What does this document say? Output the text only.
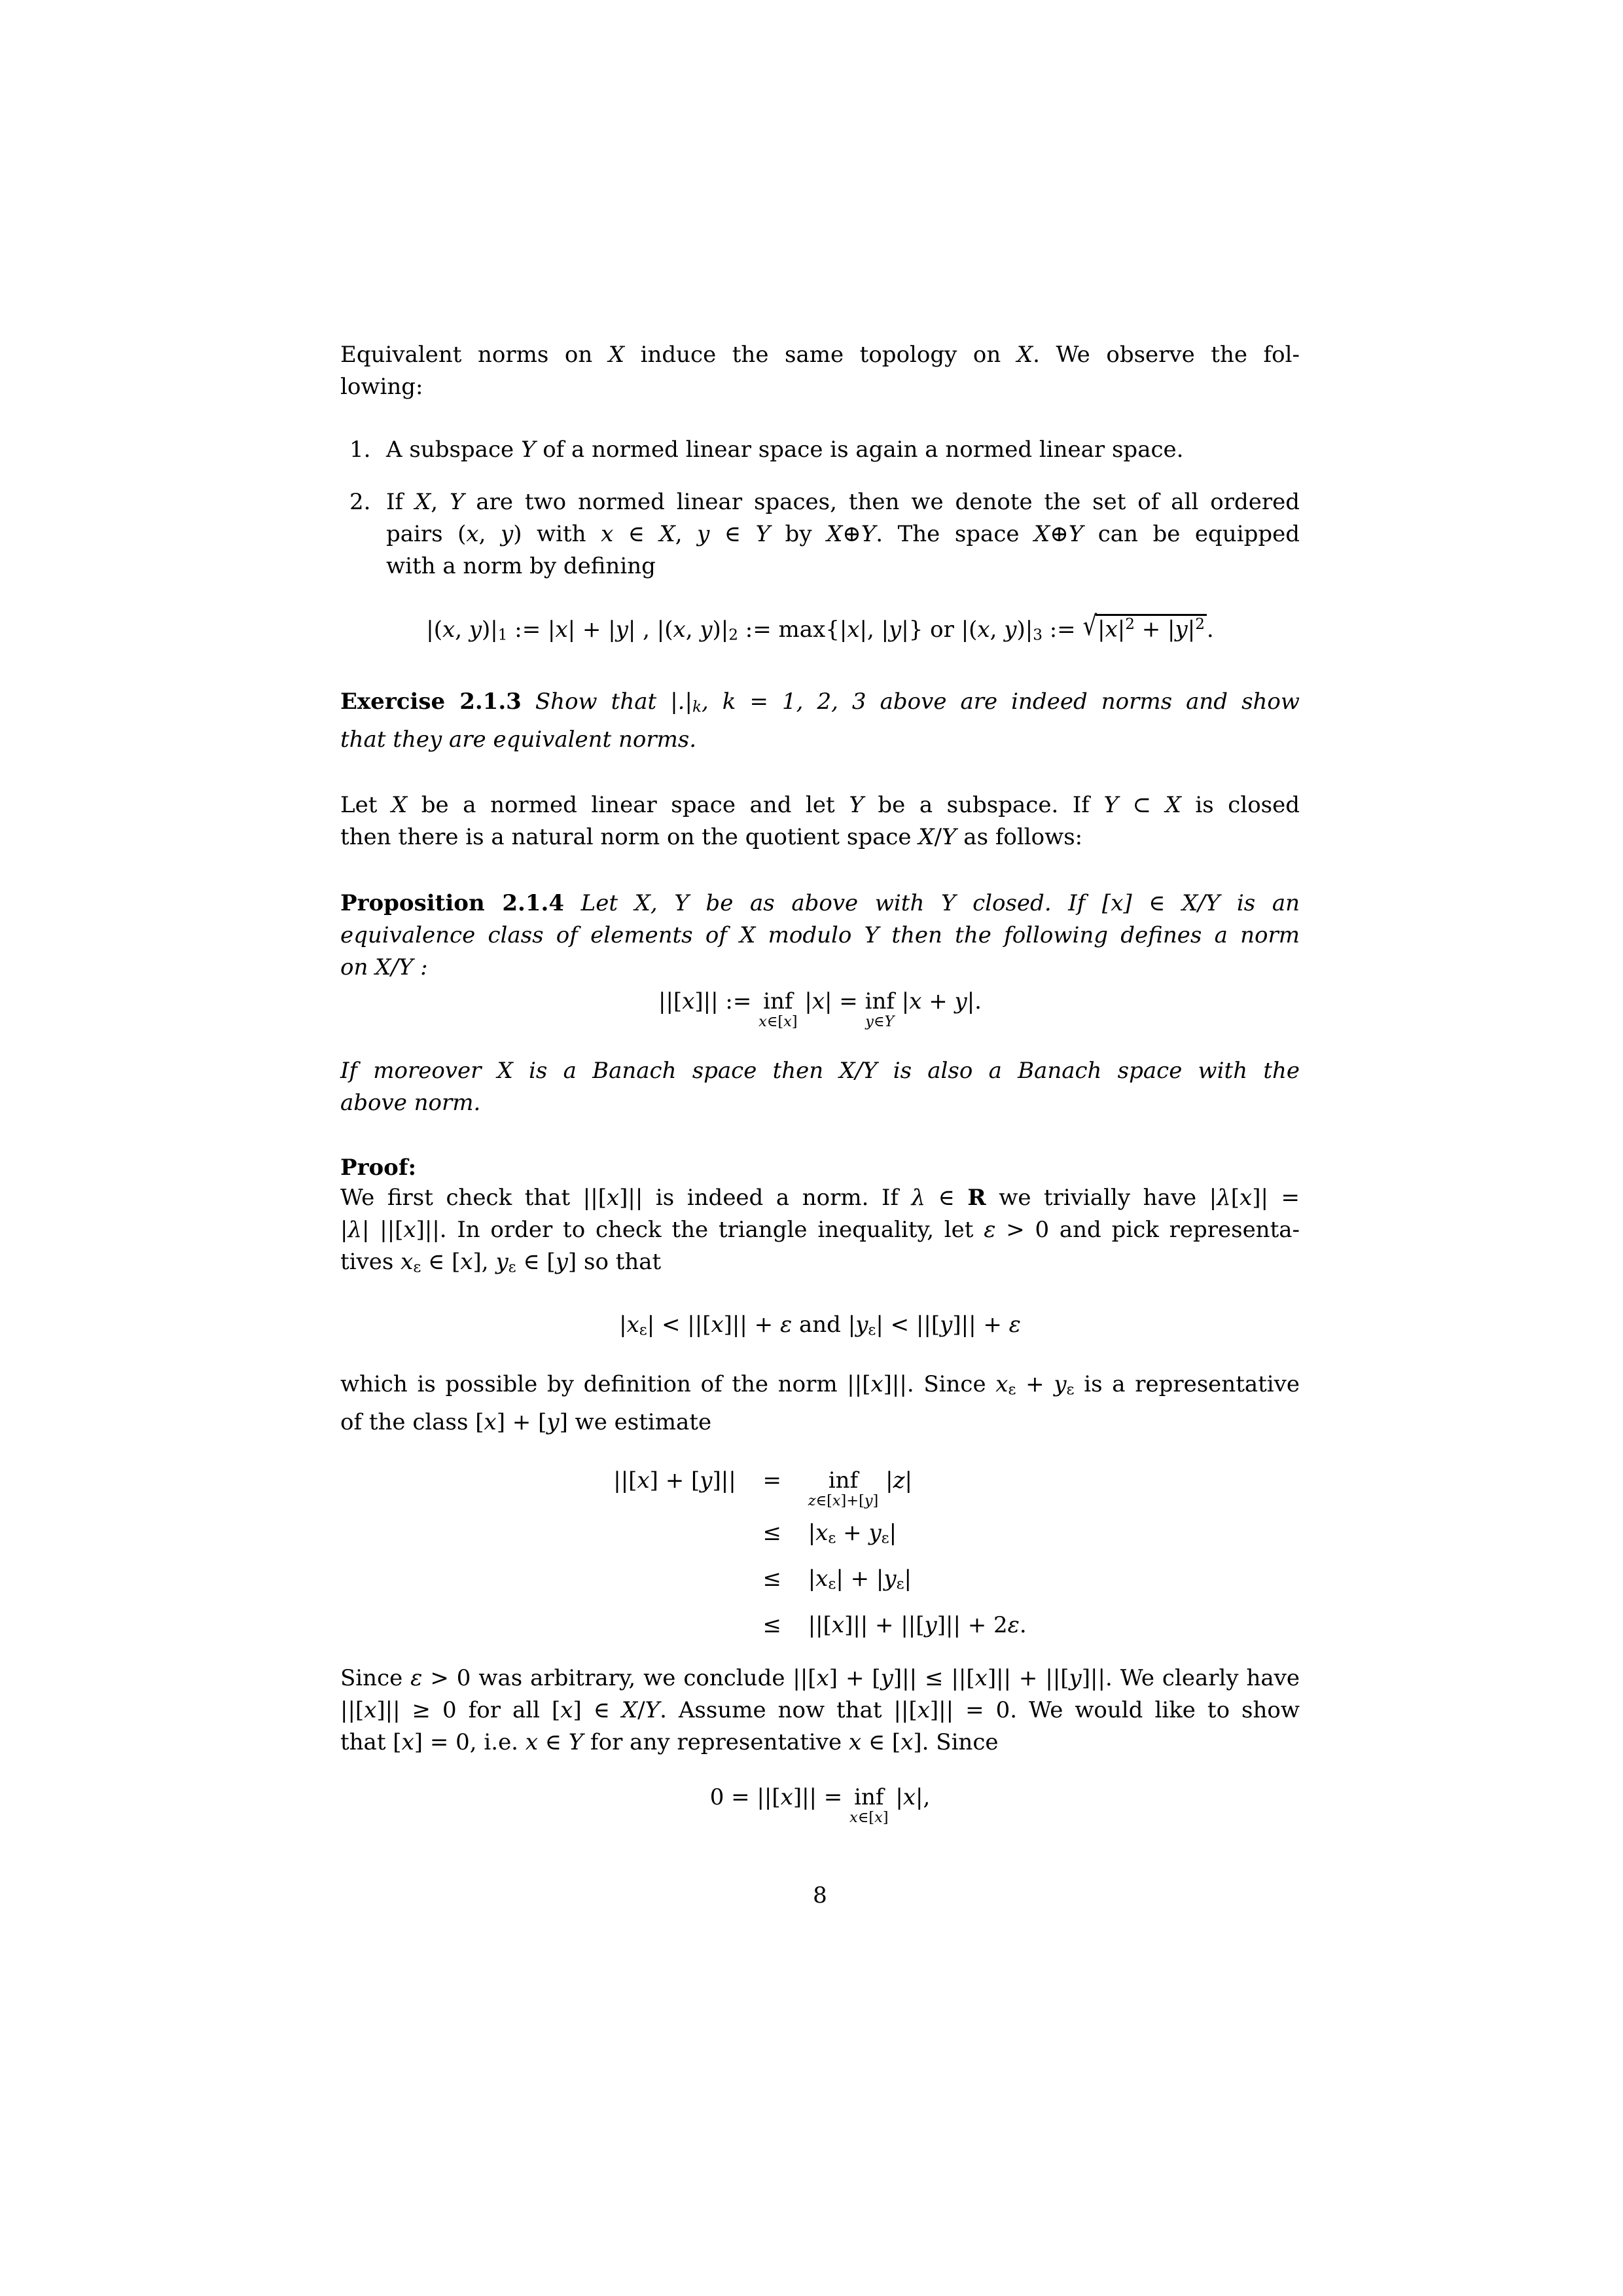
Equivalent norms on X induce the same topology on X. We observe the fol-
lowing:
1. A subspace Y of a normed linear space is again a normed linear space.
2. If X, Y are two normed linear spaces, then we denote the set of all ordered
pairs (x, y) with x ∈ X, y ∈ Y by X⊕Y. The space X⊕Y can be equipped
with a norm by defining
|(x, y)|1 := |x| + |y| , |(x, y)|2 := max{|x|, |y|} or |(x, y)|3 := $√|x|^2 + |y|^2$.
Exercise 2.1.3 Show that |.|k, k = 1, 2, 3 above are indeed norms and show
that they are equivalent norms.
Let X be a normed linear space and let Y be a subspace. If Y ⊂ X is closed
then there is a natural norm on the quotient space X/Y as follows:
Proposition 2.1.4 Let X, Y be as above with Y closed. If [x] ∈ X/Y is an
equivalence class of elements of X modulo Y then the following defines a norm
on X/Y :
||[x]|| := inf
x∈[x]
|x| = inf
y∈Y
|x + y|.
If moreover X is a Banach space then X/Y is also a Banach space with the
above norm.
Proof:
We first check that ||[x]|| is indeed a norm. If λ ∈ R we trivially have |λ[x]| =
|λ| ||[x]||. In order to check the triangle inequality, let ε > 0 and pick representa-
tives xε ∈ [x], yε ∈ [y] so that
|xε| < ||[x]|| + ε and |yε| < ||[y]|| + ε
which is possible by definition of the norm ||[x]||. Since xε + yε is a representative
of the class [x] + [y] we estimate
||[x] + [y]||	=	inf
z∈[x]+[y]
|z|
≤	|xε + yε|
≤	|xε| + |yε|
≤	||[x]|| + ||[y]|| + 2ε.
Since ε > 0 was arbitrary, we conclude ||[x] + [y]|| ≤ ||[x]|| + ||[y]||. We clearly have
||[x]|| ≥ 0 for all [x] ∈ X/Y. Assume now that ||[x]|| = 0. We would like to show
that [x] = 0, i.e. x ∈ Y for any representative x ∈ [x]. Since
0 = ||[x]|| = inf
x∈[x]
|x|,
8
